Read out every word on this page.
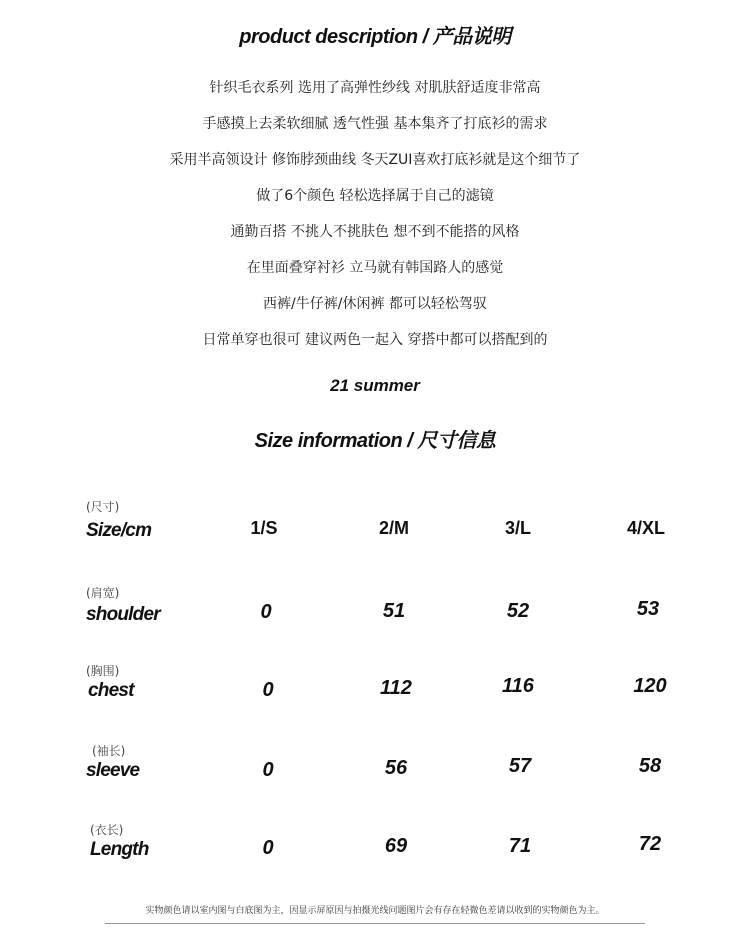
product description / 产品说明
针织毛衣系列 选用了高弹性纱线 对肌肤舒适度非常高
手感摸上去柔软细腻 透气性强 基本集齐了打底衫的需求
采用半高领设计 修饰脖颈曲线 冬天ZUI喜欢打底衫就是这个细节了
做了6个颜色 轻松选择属于自己的滤镜
通勤百搭 不挑人不挑肤色 想不到不能搭的风格
在里面叠穿衬衫 立马就有韩国路人的感觉
西裤/牛仔裤/休闲裤 都可以轻松驾驭
日常单穿也很可 建议两色一起入 穿搭中都可以搭配到的
21 summer
Size information / 尺寸信息
(尺寸)
Size/cm	1/S	2/M	3/L	4/XL
(肩宽)
shoulder	0	51	52	53
(胸围)
chest	0	112	116	120
(袖长)
sleeve	0	56	57	58
(衣长)
Length	0	69	71	72
实物颜色请以室内图与白底图为主，因显示屏原因与拍摄光线问题图片会有存在轻微色差请以收到的实物颜色为主。
